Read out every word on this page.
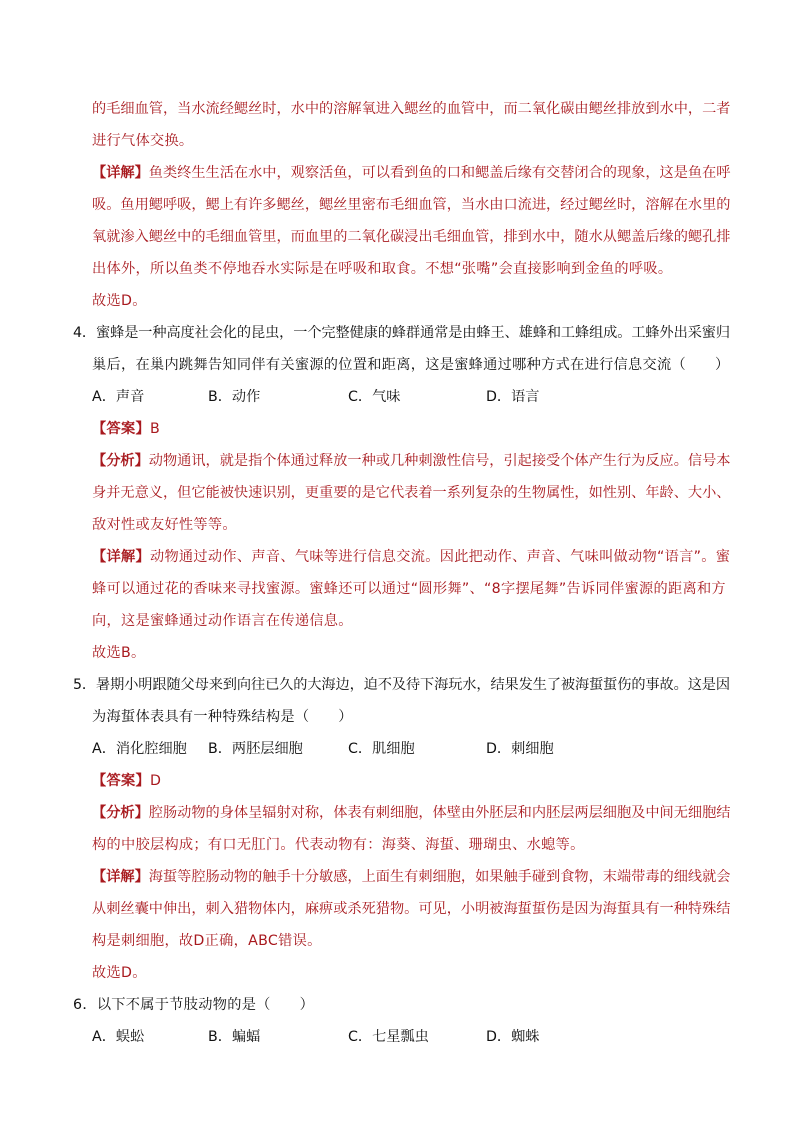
的毛细血管，当水流经鳃丝时，水中的溶解氧进入鳃丝的血管中，而二氧化碳由鳃丝排放到水中，二者
进行气体交换。
【详解】鱼类终生生活在水中，观察活鱼，可以看到鱼的口和鳃盖后缘有交替闭合的现象，这是鱼在呼
吸。鱼用鳃呼吸，鳃上有许多鳃丝，鳃丝里密布毛细血管，当水由口流进，经过鳃丝时，溶解在水里的
氧就渗入鳃丝中的毛细血管里，而血里的二氧化碳浸出毛细血管，排到水中，随水从鳃盖后缘的鳃孔排
出体外，所以鱼类不停地吞水实际是在呼吸和取食。不想“张嘴”会直接影响到金鱼的呼吸。
故选D。
4．蜜蜂是一种高度社会化的昆虫，一个完整健康的蜂群通常是由蜂王、雄蜂和工蜂组成。工蜂外出采蜜归
巢后，在巢内跳舞告知同伴有关蜜源的位置和距离，这是蜜蜂通过哪种方式在进行信息交流（　　）
A．声音	B．动作	C．气味	D．语言
【答案】B
【分析】动物通讯，就是指个体通过释放一种或几种刺激性信号，引起接受个体产生行为反应。信号本
身并无意义，但它能被快速识别，更重要的是它代表着一系列复杂的生物属性，如性别、年龄、大小、
敌对性或友好性等等。
【详解】动物通过动作、声音、气味等进行信息交流。因此把动作、声音、气味叫做动物“语言”。蜜
蜂可以通过花的香味来寻找蜜源。蜜蜂还可以通过“圆形舞”、“8字摆尾舞”告诉同伴蜜源的距离和方
向，这是蜜蜂通过动作语言在传递信息。
故选B。
5．暑期小明跟随父母来到向往已久的大海边，迫不及待下海玩水，结果发生了被海蜇蜇伤的事故。这是因
为海蜇体表具有一种特殊结构是（　　）
A．消化腔细胞 B．两胚层细胞	C．肌细胞	D．刺细胞
【答案】D
【分析】腔肠动物的身体呈辐射对称，体表有刺细胞，体壁由外胚层和内胚层两层细胞及中间无细胞结
构的中胶层构成；有口无肛门。代表动物有：海葵、海蜇、珊瑚虫、水螅等。
【详解】海蜇等腔肠动物的触手十分敏感，上面生有刺细胞，如果触手碰到食物，末端带毒的细线就会
从刺丝囊中伸出，刺入猎物体内，麻痹或杀死猎物。可见，小明被海蜇蜇伤是因为海蜇具有一种特殊结
构是刺细胞，故D正确，ABC错误。
故选D。
6．以下不属于节肢动物的是（　　）
A．蜈蚣	B．蝙蝠	C．七星瓢虫	D．蜘蛛
